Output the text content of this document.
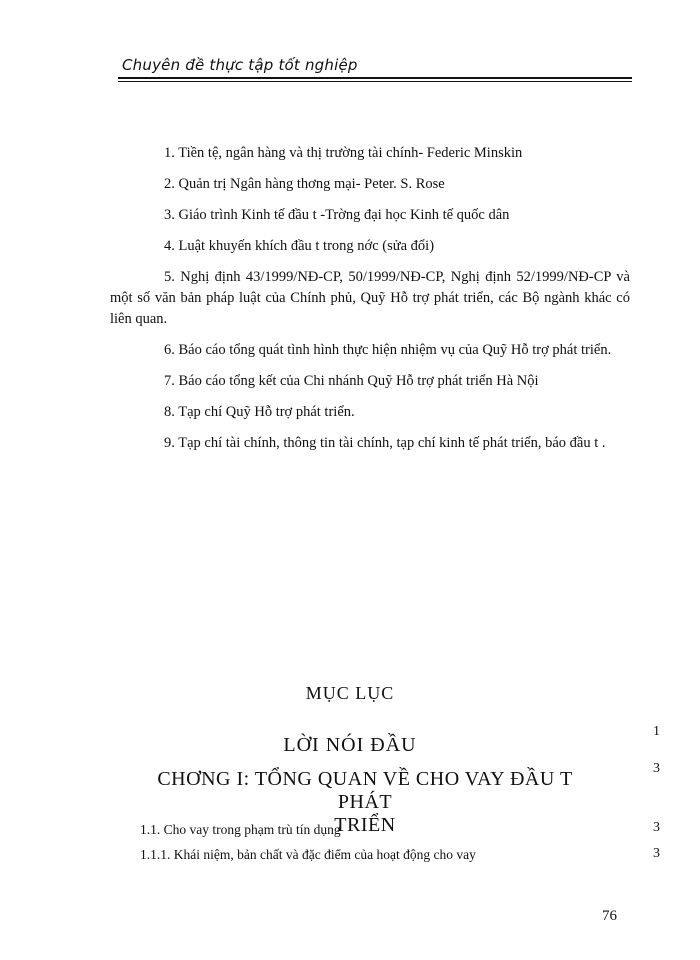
Chuyên đề thực tập tốt nghiệp

1. Tiền tệ, ngân hàng và thị trường tài chính- Federic Minskin

2. Quản trị Ngân hàng thơng mại- Peter. S. Rose

3. Giáo trình Kinh tế đầu t -Trờng đại học Kinh tế quốc dân

4. Luật khuyến khích đầu t trong nớc (sửa đổi)

5. Nghị định 43/1999/NĐ-CP, 50/1999/NĐ-CP, Nghị định 52/1999/NĐ-CP và một số văn bản pháp luật của Chính phủ, Quỹ Hỗ trợ phát triển, các Bộ ngành khác có liên quan.

6. Báo cáo tổng quát tình hình thực hiện nhiệm vụ của Quỹ Hỗ trợ phát triển.

7. Báo cáo tổng kết của Chi nhánh Quỹ Hỗ trợ phát triển Hà Nội

8. Tạp chí Quỹ Hỗ trợ phát triển.

9. Tạp chí tài chính, thông tin tài chính, tạp chí kinh tế phát triển, báo đầu t .

MỤC LỤC
LỜI NÓI ĐẦU
1
CHƠNG I: TỔNG QUAN VỀ CHO VAY ĐẦU T PHÁT
TRIỂN
3
1.1. Cho vay trong phạm trù tín dụng	3
1.1.1. Khái niệm, bản chất và đặc điểm của hoạt động cho vay	3
76
